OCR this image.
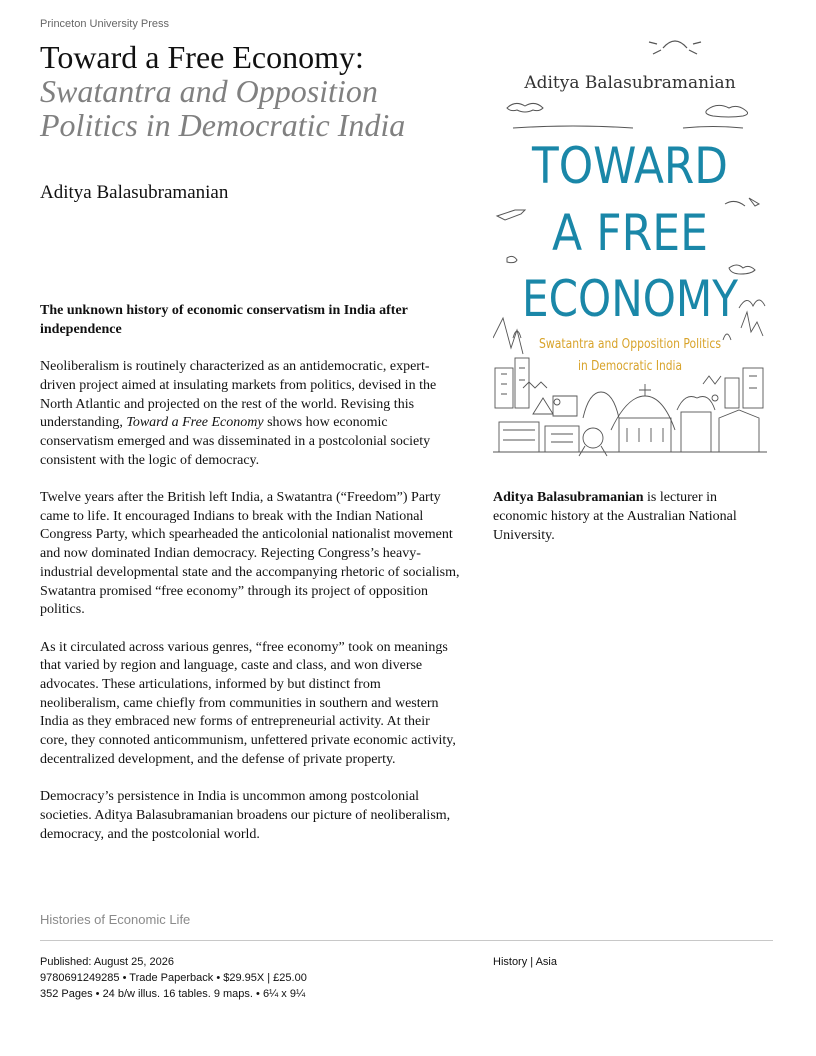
Princeton University Press
Toward a Free Economy:
Swatantra and Opposition
Politics in Democratic India
Aditya Balasubramanian

The unknown history of economic conservatism in India after independence

Neoliberalism is routinely characterized as an antidemocratic, expert-driven project aimed at insulating markets from politics, devised in the North Atlantic and projected on the rest of the world. Revising this understanding, Toward a Free Economy shows how economic conservatism emerged and was disseminated in a postcolonial society consistent with the logic of democracy.

Twelve years after the British left India, a Swatantra (“Freedom”) Party came to life. It encouraged Indians to break with the Indian National Congress Party, which spearheaded the anticolonial nationalist movement and now dominated Indian democracy. Rejecting Congress’s heavy-industrial developmental state and the accompanying rhetoric of socialism, Swatantra promised “free economy” through its project of opposition politics.

As it circulated across various genres, “free economy” took on meanings that varied by region and language, caste and class, and won diverse advocates. These articulations, informed by but distinct from neoliberalism, came chiefly from communities in southern and western India as they embraced new forms of entrepreneurial activity. At their core, they connoted anticommunism, unfettered private economic activity, decentralized development, and the defense of private property.

Democracy’s persistence in India is uncommon among postcolonial societies. Aditya Balasubramanian broadens our picture of neoliberalism, democracy, and the postcolonial world.

Aditya Balasubramanian
TOWARD
A FREE
ECONOMY
Swatantra and Opposition Politics
in Democratic India
Aditya Balasubramanian is lecturer in economic history at the Australian National University.
Histories of Economic Life
Published: August 25, 2026
9780691249285 • Trade Paperback • $29.95X | £25.00
352 Pages • 24 b/w illus. 16 tables. 9 maps. • 6¼ x 9¼
History | Asia
